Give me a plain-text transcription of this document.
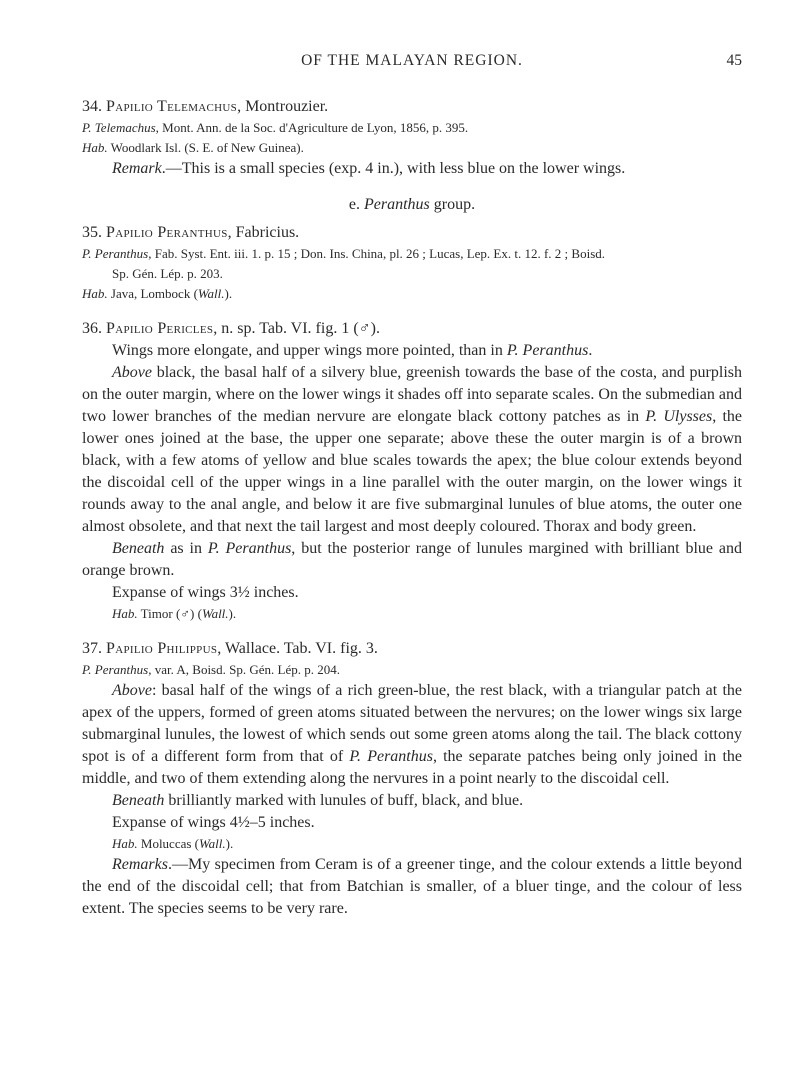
OF THE MALAYAN REGION.	45

34. Papilio Telemachus, Montrouzier.

P. Telemachus, Mont. Ann. de la Soc. d'Agriculture de Lyon, 1856, p. 395.

Hab. Woodlark Isl. (S. E. of New Guinea).

Remark.—This is a small species (exp. 4 in.), with less blue on the lower wings.

e. Peranthus group.

35. Papilio Peranthus, Fabricius.

P. Peranthus, Fab. Syst. Ent. iii. 1. p. 15 ; Don. Ins. China, pl. 26 ; Lucas, Lep. Ex. t. 12. f. 2 ; Boisd.

Sp. Gén. Lép. p. 203.

Hab. Java, Lombock (Wall.).

36. Papilio Pericles, n. sp. Tab. VI. fig. 1 (♂).

Wings more elongate, and upper wings more pointed, than in P. Peranthus.

Above black, the basal half of a silvery blue, greenish towards the base of the costa, and purplish on the outer margin, where on the lower wings it shades off into separate scales. On the submedian and two lower branches of the median nervure are elongate black cottony patches as in P. Ulysses, the lower ones joined at the base, the upper one separate; above these the outer margin is of a brown black, with a few atoms of yellow and blue scales towards the apex; the blue colour extends beyond the discoidal cell of the upper wings in a line parallel with the outer margin, on the lower wings it rounds away to the anal angle, and below it are five submarginal lunules of blue atoms, the outer one almost obsolete, and that next the tail largest and most deeply coloured. Thorax and body green.

Beneath as in P. Peranthus, but the posterior range of lunules margined with brilliant blue and orange brown.

Expanse of wings 3½ inches.

Hab. Timor (♂) (Wall.).

37. Papilio Philippus, Wallace. Tab. VI. fig. 3.

P. Peranthus, var. A, Boisd. Sp. Gén. Lép. p. 204.

Above: basal half of the wings of a rich green-blue, the rest black, with a triangular patch at the apex of the uppers, formed of green atoms situated between the nervures; on the lower wings six large submarginal lunules, the lowest of which sends out some green atoms along the tail. The black cottony spot is of a different form from that of P. Peranthus, the separate patches being only joined in the middle, and two of them extending along the nervures in a point nearly to the discoidal cell.

Beneath brilliantly marked with lunules of buff, black, and blue.

Expanse of wings 4½–5 inches.

Hab. Moluccas (Wall.).

Remarks.—My specimen from Ceram is of a greener tinge, and the colour extends a little beyond the end of the discoidal cell; that from Batchian is smaller, of a bluer tinge, and the colour of less extent. The species seems to be very rare.
